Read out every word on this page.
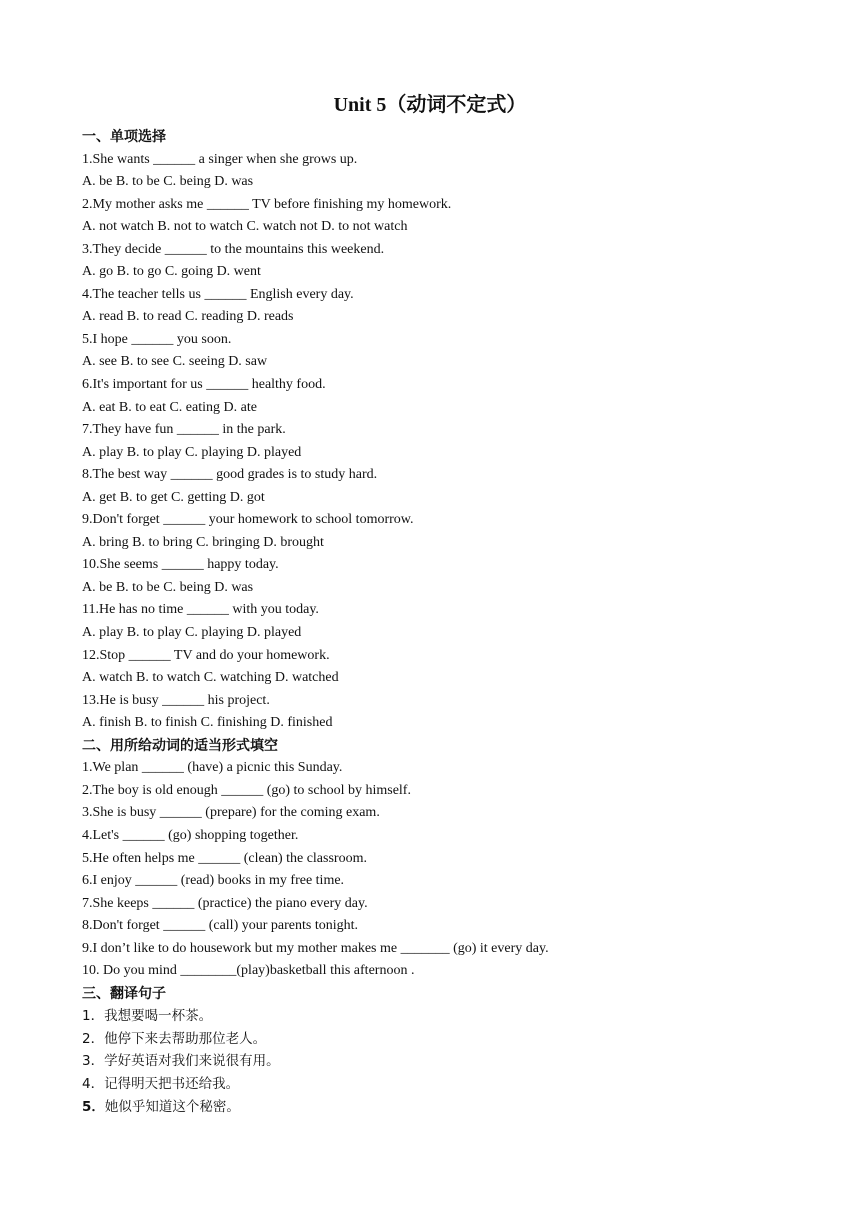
Unit 5（动词不定式）
一、单项选择
1.She wants ______ a singer when she grows up.
A. be B. to be C. being D. was
2.My mother asks me ______ TV before finishing my homework.
A. not watch B. not to watch C. watch not D. to not watch
3.They decide ______ to the mountains this weekend.
A. go B. to go C. going D. went
4.The teacher tells us ______ English every day.
A. read B. to read C. reading D. reads
5.I hope ______ you soon.
A. see B. to see C. seeing D. saw
6.It's important for us ______ healthy food.
A. eat B. to eat C. eating D. ate
7.They have fun ______ in the park.
A. play B. to play C. playing D. played
8.The best way ______ good grades is to study hard.
A. get B. to get C. getting D. got
9.Don't forget ______ your homework to school tomorrow.
A. bring B. to bring C. bringing D. brought
10.She seems ______ happy today.
A. be B. to be C. being D. was
11.He has no time ______ with you today.
A. play B. to play C. playing D. played
12.Stop ______ TV and do your homework.
A. watch B. to watch C. watching D. watched
13.He is busy ______ his project.
A. finish B. to finish C. finishing D. finished
二、用所给动词的适当形式填空
1.We plan ______ (have) a picnic this Sunday.
2.The boy is old enough ______ (go) to school by himself.
3.She is busy ______ (prepare) for the coming exam.
4.Let's ______ (go) shopping together.
5.He often helps me ______ (clean) the classroom.
6.I enjoy ______ (read) books in my free time.
7.She keeps ______ (practice) the piano every day.
8.Don't forget ______ (call) your parents tonight.
9.I don’t like to do housework but my mother makes me _______ (go) it every day.
10. Do you mind ________(play)basketball this afternoon .
三、翻译句子
1．我想要喝一杯茶。
2．他停下来去帮助那位老人。
3．学好英语对我们来说很有用。
4．记得明天把书还给我。
5．她似乎知道这个秘密。
